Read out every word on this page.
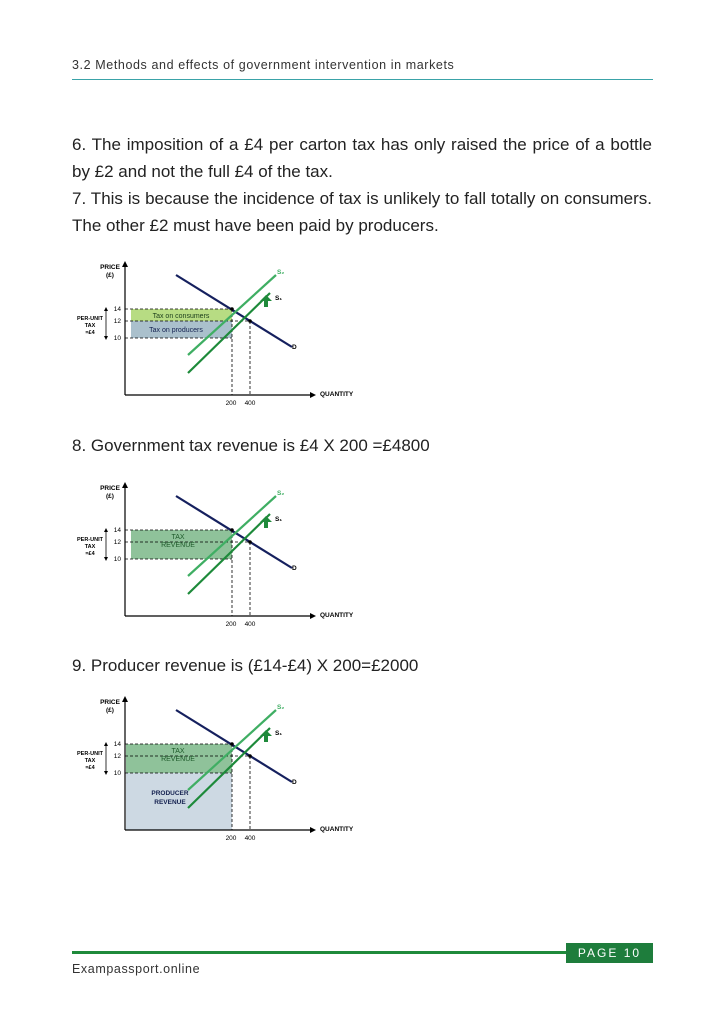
3.2 Methods and effects of government intervention in markets

6. The imposition of a £4 per carton tax has only raised the price of a bottle by £2 and not the full £4 of the tax.

7. This is because the incidence of tax is unlikely to fall totally on consumers. The other £2 must have been paid by producers.

PRICE
(£)
14
12
10
200 400
QUANTITY
PER-UNIT
TAX
=£4
Tax on consumers
Tax on producers
S₂
S₁
D

8. Government tax revenue is £4 X 200 =£4800

PRICE
(£)
14
12
10
200 400
QUANTITY
PER-UNIT
TAX
=£4
TAX
REVENUE
S₂
S₁
D

9. Producer revenue is (£14-£4) X 200=£2000

PRICE
(£)
14
12
10
200 400
QUANTITY
PER-UNIT
TAX
=£4
TAX
REVENUE
PRODUCER
REVENUE
S₂
S₁
D
PAGE 10
Exampassport.online
